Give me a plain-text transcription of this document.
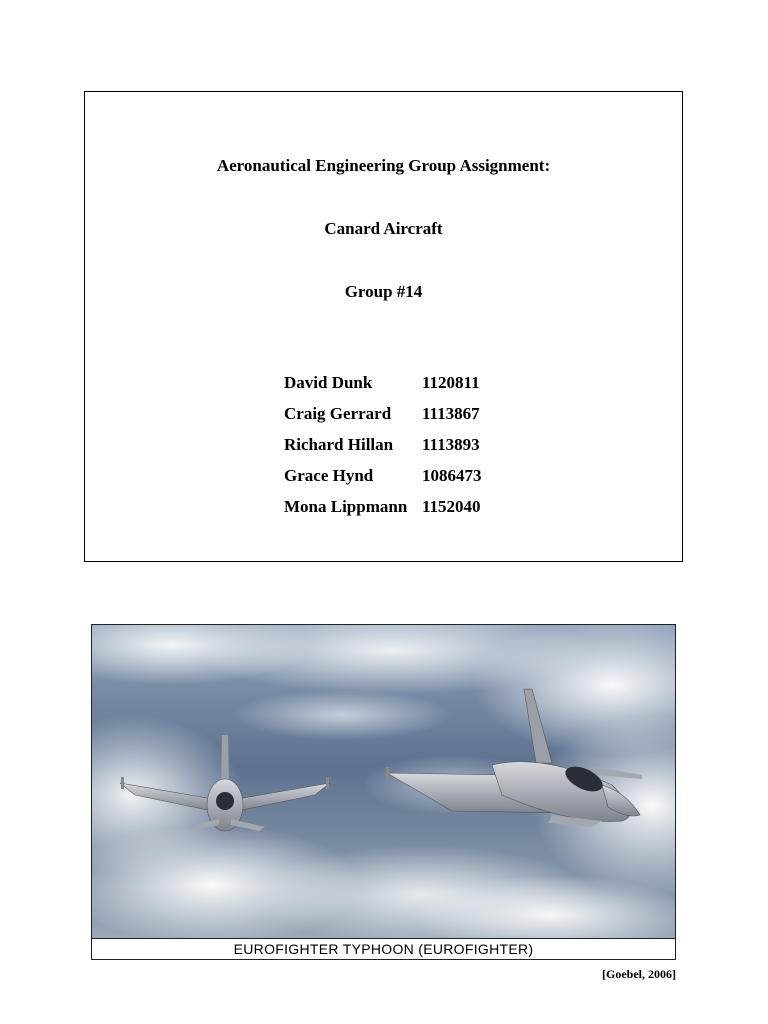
Aeronautical Engineering Group Assignment:
Canard Aircraft
Group #14
David Dunk	1120811
Craig Gerrard	1113867
Richard Hillan	1113893
Grace Hynd	1086473
Mona Lippmann 1152040
EUROFIGHTER TYPHOON (EUROFIGHTER)
[Goebel, 2006]
